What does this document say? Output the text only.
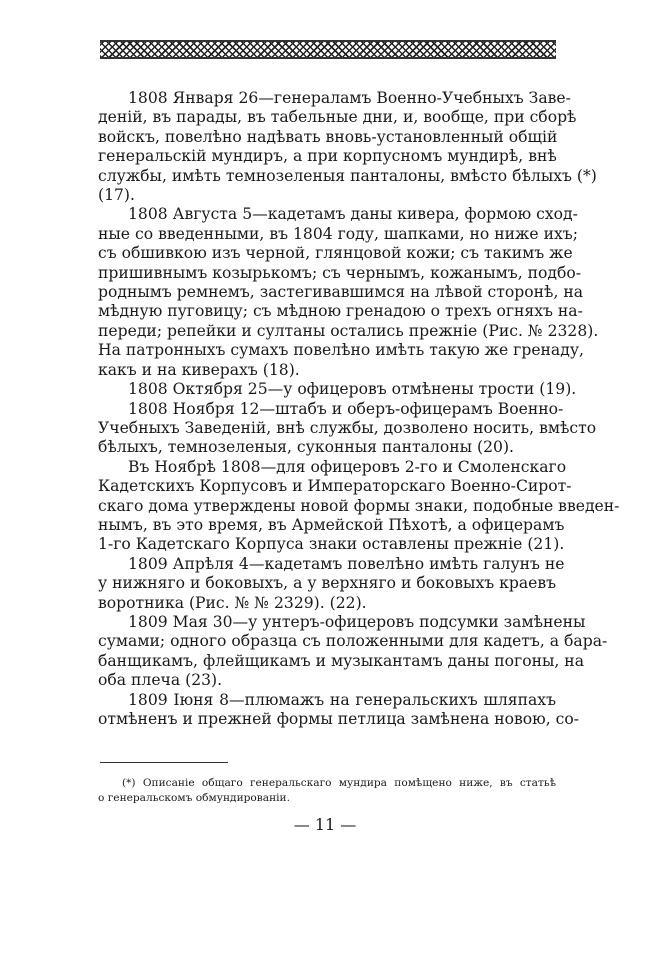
1808 Января 26—генераламъ Военно-Учебныхъ Заве-
деній, въ парады, въ табельные дни, и, вообще, при сборѣ
войскъ, повелѣно надѣвать вновь-установленный общій
генеральскій мундиръ, а при корпусномъ мундирѣ, внѣ
службы, имѣть темнозеленыя панталоны, вмѣсто бѣлыхъ (*)
(17).
1808 Августа 5—кадетамъ даны кивера, формою сход-
ные со введенными, въ 1804 году, шапками, но ниже ихъ;
съ обшивкою изъ черной, глянцовой кожи; съ такимъ же
пришивнымъ козырькомъ; съ чернымъ, кожанымъ, подбо-
роднымъ ремнемъ, застегивавшимся на лѣвой сторонѣ, на
мѣдную пуговицу; съ мѣдною гренадою о трехъ огняхъ на-
переди; репейки и султаны остались прежніе (Рис. № 2328).
На патронныхъ сумахъ повелѣно имѣть такую же гренаду,
какъ и на киверахъ (18).
1808 Октября 25—у офицеровъ отмѣнены трости (19).
1808 Ноября 12—штабъ и оберъ-офицерамъ Военно-
Учебныхъ Заведеній, внѣ службы, дозволено носить, вмѣсто
бѣлыхъ, темнозеленыя, суконныя панталоны (20).
Въ Ноябрѣ 1808—для офицеровъ 2-го и Смоленскаго
Кадетскихъ Корпусовъ и Императорскаго Военно-Сирот-
скаго дома утверждены новой формы знаки, подобные введен-
нымъ, въ это время, въ Армейской Пѣхотѣ, а офицерамъ
1-го Кадетскаго Корпуса знаки оставлены прежніе (21).
1809 Апрѣля 4—кадетамъ повелѣно имѣть галунъ не
у нижняго и боковыхъ, а у верхняго и боковыхъ краевъ
воротника (Рис. № № 2329). (22).
1809 Мая 30—у унтеръ-офицеровъ подсумки замѣнены
сумами; одного образца съ положенными для кадетъ, а бара-
банщикамъ, флейщикамъ и музыкантамъ даны погоны, на
оба плеча (23).
1809 Іюня 8—плюмажъ на генеральскихъ шляпахъ
отмѣненъ и прежней формы петлица замѣнена новою, со-
(*) Описаніе общаго генеральскаго мундира помѣщено ниже, въ статьѣ
о генеральскомъ обмундированіи.
— 11 —
